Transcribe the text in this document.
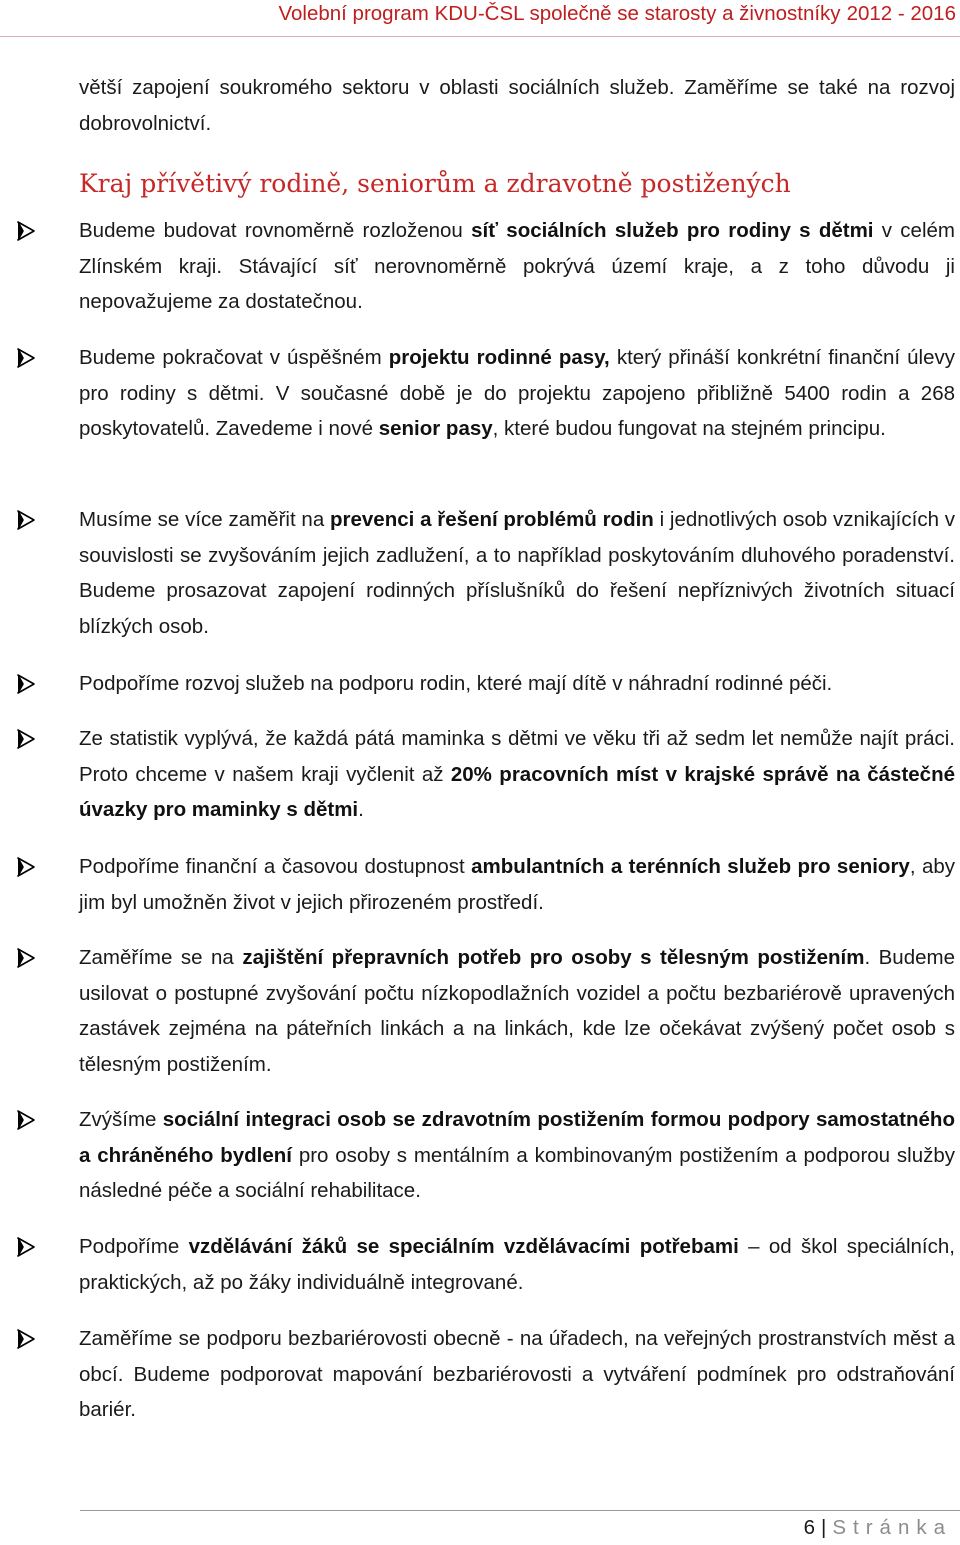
Volební program KDU-ČSL společně se starosty a živnostníky 2012 - 2016
větší zapojení soukromého sektoru v oblasti sociálních služeb. Zaměříme se také na rozvoj dobrovolnictví.
Kraj přívětivý rodině, seniorům a zdravotně postižených
Budeme budovat rovnoměrně rozloženou síť sociálních služeb pro rodiny s dětmi v celém Zlínském kraji. Stávající síť nerovnoměrně pokrývá území kraje, a z toho důvodu ji nepovažujeme za dostatečnou.
Budeme pokračovat v úspěšném projektu rodinné pasy, který přináší konkrétní finanční úlevy pro rodiny s dětmi. V současné době je do projektu zapojeno přibližně 5400 rodin a 268 poskytovatelů. Zavedeme i nové senior pasy, které budou fungovat na stejném principu.
Musíme se více zaměřit na prevenci a řešení problémů rodin i jednotlivých osob vznikajících v souvislosti se zvyšováním jejich zadlužení, a to například poskytováním dluhového poradenství. Budeme prosazovat zapojení rodinných příslušníků do řešení nepříznivých životních situací blízkých osob.
Podpoříme rozvoj služeb na podporu rodin, které mají dítě v náhradní rodinné péči.
Ze statistik vyplývá, že každá pátá maminka s dětmi ve věku tři až sedm let nemůže najít práci. Proto chceme v našem kraji vyčlenit až 20% pracovních míst v krajské správě na částečné úvazky pro maminky s dětmi.
Podpoříme finanční a časovou dostupnost ambulantních a terénních služeb pro seniory, aby jim byl umožněn život v jejich přirozeném prostředí.
Zaměříme se na zajištění přepravních potřeb pro osoby s tělesným postižením. Budeme usilovat o postupné zvyšování počtu nízkopodlažních vozidel a počtu bezbariérově upravených zastávek zejména na páteřních linkách a na linkách, kde lze očekávat zvýšený počet osob s tělesným postižením.
Zvýšíme sociální integraci osob se zdravotním postižením formou podpory samostatného a chráněného bydlení pro osoby s mentálním a kombinovaným postižením a podporou služby následné péče a sociální rehabilitace.
Podpoříme vzdělávání žáků se speciálním vzdělávacími potřebami – od škol speciálních, praktických, až po žáky individuálně integrované.
Zaměříme se podporu bezbariérovosti obecně - na úřadech, na veřejných prostranstvích měst a obcí. Budeme podporovat mapování bezbariérovosti a vytváření podmínek pro odstraňování bariér.
6 | Stránka
